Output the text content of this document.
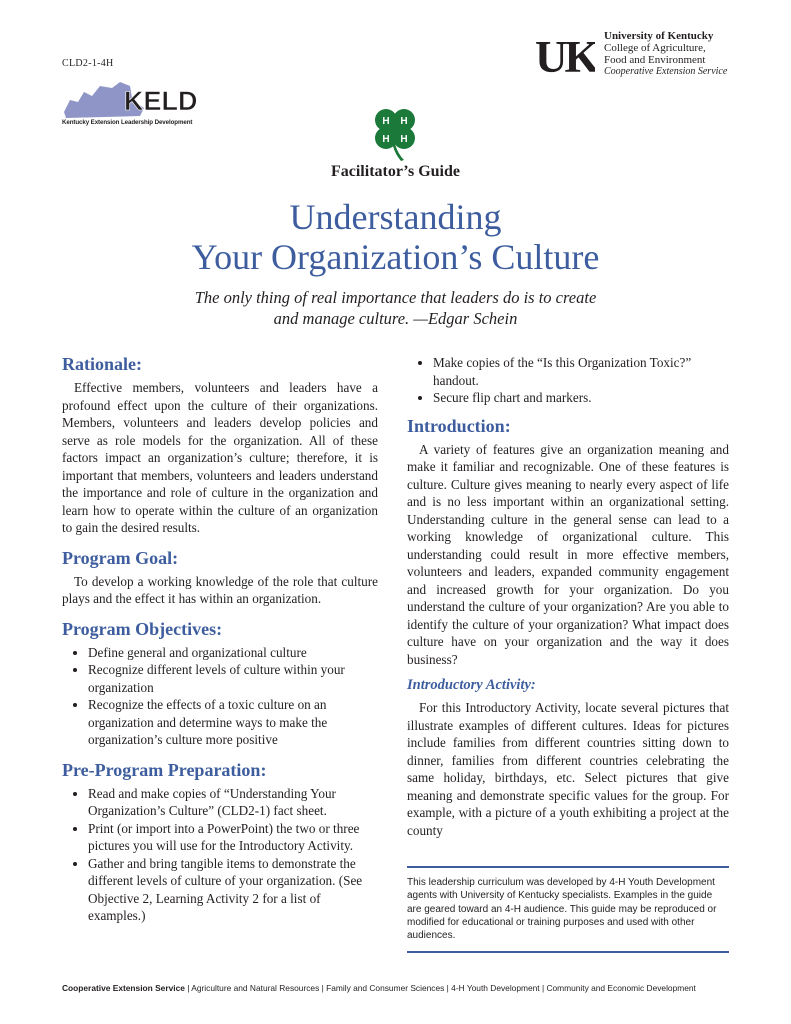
CLD2-1-4H
KELD
Kentucky Extension Leadership Development
UK University of Kentucky
College of Agriculture,
Food and Environment
Cooperative Extension Service
H H
H H
Facilitator’s Guide
Understanding
Your Organization’s Culture
The only thing of real importance that leaders do is to create
and manage culture. —Edgar Schein
Rationale:

Effective members, volunteers and leaders have a profound effect upon the culture of their organizations. Members, volunteers and leaders develop policies and serve as role models for the organization. All of these factors impact an organization’s culture; therefore, it is important that members, volunteers and leaders understand the importance and role of culture in the organization and learn how to operate within the culture of an organization to gain the desired results.

Program Goal:

To develop a working knowledge of the role that culture plays and the effect it has within an organization.

Program Objectives:
• Define general and organizational culture
• Recognize different levels of culture within your organization
• Recognize the effects of a toxic culture on an organization and determine ways to make the organization’s culture more positive
Pre-Program Preparation:
• Read and make copies of “Understanding Your Organization’s Culture” (CLD2-1) fact sheet.
• Print (or import into a PowerPoint) the two or three pictures you will use for the Introductory Activity.
• Gather and bring tangible items to demonstrate the different levels of culture of your organization. (See Objective 2, Learning Activity 2 for a list of examples.)
• Make copies of the “Is this Organization Toxic?” handout.
• Secure flip chart and markers.
Introduction:

A variety of features give an organization meaning and make it familiar and recognizable. One of these features is culture. Culture gives meaning to nearly every aspect of life and is no less important within an organizational setting. Understanding culture in the general sense can lead to a working knowledge of organizational culture. This understanding could result in more effective members, volunteers and leaders, expanded community engagement and increased growth for your organization. Do you understand the culture of your organization? Are you able to identify the culture of your organization? What impact does culture have on your organization and the way it does business?

Introductory Activity:

For this Introductory Activity, locate several pictures that illustrate examples of different cultures. Ideas for pictures include families from different countries sitting down to dinner, families from different countries celebrating the same holiday, birthdays, etc. Select pictures that give meaning and demonstrate specific values for the group. For example, with a picture of a youth exhibiting a project at the county

This leadership curriculum was developed by 4-H Youth Development agents with University of Kentucky specialists. Examples in the guide are geared toward an 4-H audience. This guide may be reproduced or modified for educational or training purposes and used with other audiences.
Cooperative Extension Service | Agriculture and Natural Resources | Family and Consumer Sciences | 4-H Youth Development | Community and Economic Development
